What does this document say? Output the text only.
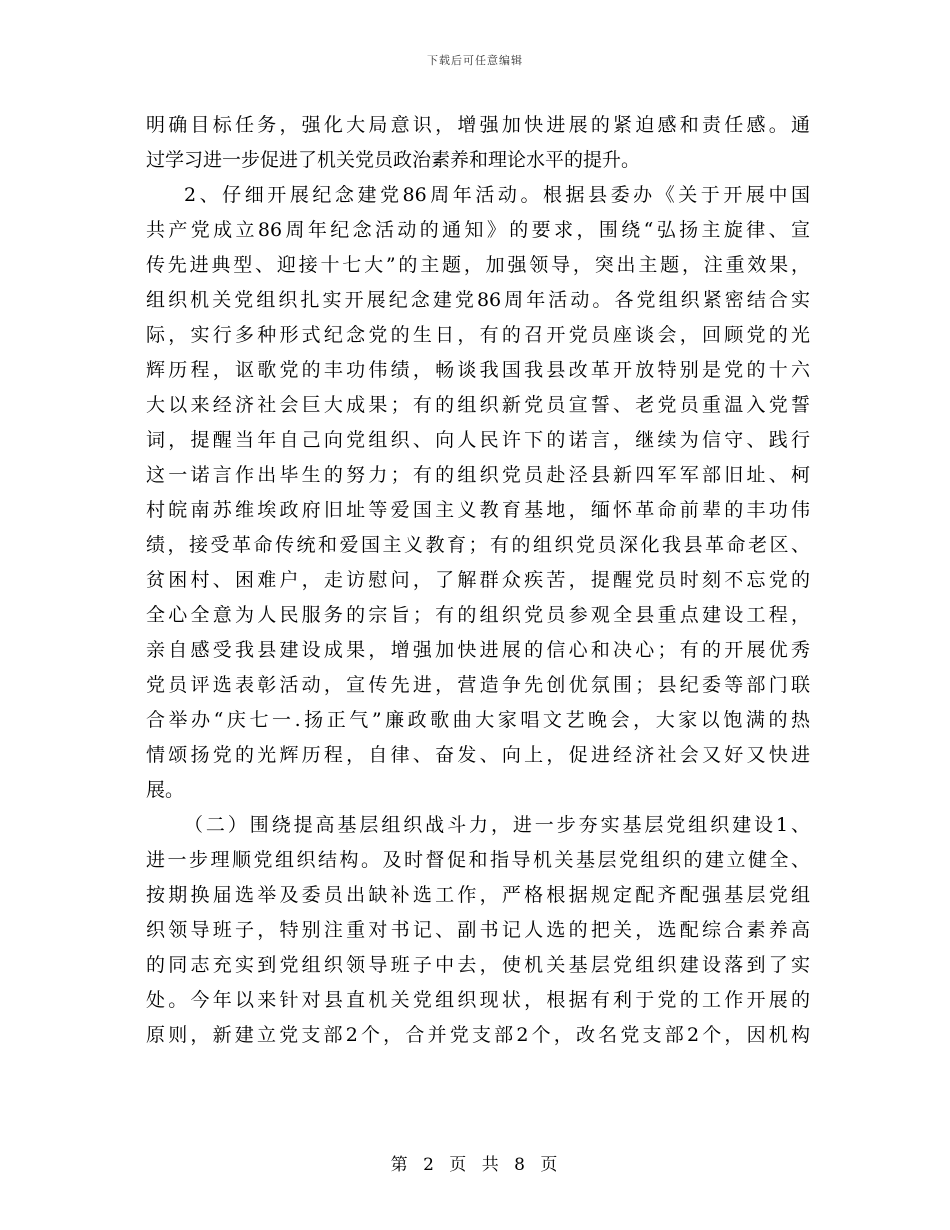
下载后可任意编辑
明确目标任务，强化大局意识，增强加快进展的紧迫感和责任感。通
过学习进一步促进了机关党员政治素养和理论水平的提升。
2、仔细开展纪念建党86周年活动。根据县委办《关于开展中国
共产党成立86周年纪念活动的通知》的要求，围绕“弘扬主旋律、宣
传先进典型、迎接十七大”的主题，加强领导，突出主题，注重效果，
组织机关党组织扎实开展纪念建党86周年活动。各党组织紧密结合实
际，实行多种形式纪念党的生日，有的召开党员座谈会，回顾党的光
辉历程，讴歌党的丰功伟绩，畅谈我国我县改革开放特别是党的十六
大以来经济社会巨大成果；有的组织新党员宣誓、老党员重温入党誓
词，提醒当年自己向党组织、向人民许下的诺言，继续为信守、践行
这一诺言作出毕生的努力；有的组织党员赴泾县新四军军部旧址、柯
村皖南苏维埃政府旧址等爱国主义教育基地，缅怀革命前辈的丰功伟
绩，接受革命传统和爱国主义教育；有的组织党员深化我县革命老区、
贫困村、困难户，走访慰问，了解群众疾苦，提醒党员时刻不忘党的
全心全意为人民服务的宗旨；有的组织党员参观全县重点建设工程，
亲自感受我县建设成果，增强加快进展的信心和决心；有的开展优秀
党员评选表彰活动，宣传先进，营造争先创优氛围；县纪委等部门联
合举办“庆七一.扬正气”廉政歌曲大家唱文艺晚会，大家以饱满的热
情颂扬党的光辉历程，自律、奋发、向上，促进经济社会又好又快进
展。
（二）围绕提高基层组织战斗力，进一步夯实基层党组织建设1、
进一步理顺党组织结构。及时督促和指导机关基层党组织的建立健全、
按期换届选举及委员出缺补选工作，严格根据规定配齐配强基层党组
织领导班子，特别注重对书记、副书记人选的把关，选配综合素养高
的同志充实到党组织领导班子中去，使机关基层党组织建设落到了实
处。今年以来针对县直机关党组织现状，根据有利于党的工作开展的
原则，新建立党支部2个，合并党支部2个，改名党支部2个，因机构
第 2 页 共 8 页
